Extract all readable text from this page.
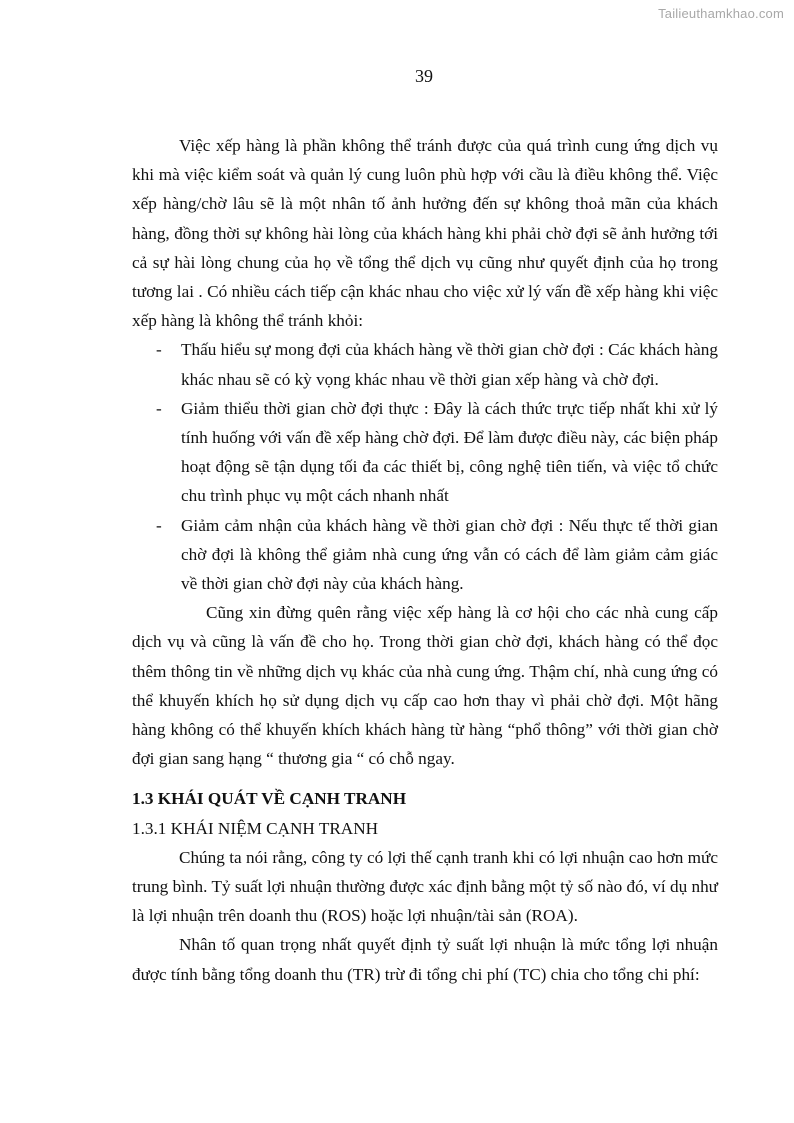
Tailieuthamkhao.com
39

Việc xếp hàng là phần không thể tránh được của quá trình cung ứng dịch vụ khi mà việc kiểm soát và quản lý cung luôn phù hợp với cầu là điều không thể. Việc xếp hàng/chờ lâu sẽ là một nhân tố ảnh hưởng đến sự không thoả mãn của khách hàng, đồng thời sự không hài lòng của khách hàng khi phải chờ đợi sẽ ảnh hưởng tới cả sự hài lòng chung của họ về tổng thể dịch vụ cũng như quyết định của họ trong tương lai . Có nhiều cách tiếp cận khác nhau cho việc xử lý vấn đề xếp hàng khi việc xếp hàng là không thể tránh khỏi:

- Thấu hiểu sự mong đợi của khách hàng về thời gian chờ đợi : Các khách hàng khác nhau sẽ có kỳ vọng khác nhau về thời gian xếp hàng và chờ đợi.

- Giảm thiểu thời gian chờ đợi thực : Đây là cách thức trực tiếp nhất khi xử lý tính huống với vấn đề xếp hàng chờ đợi. Để làm được điều này, các biện pháp hoạt động sẽ tận dụng tối đa các thiết bị, công nghệ tiên tiến, và việc tổ chức chu trình phục vụ một cách nhanh nhất

- Giảm cảm nhận của khách hàng về thời gian chờ đợi : Nếu thực tế thời gian chờ đợi là không thể giảm nhà cung ứng vẫn có cách để làm giảm cảm giác về thời gian chờ đợi này của khách hàng.

Cũng xin đừng quên rằng việc xếp hàng là cơ hội cho các nhà cung cấp dịch vụ và cũng là vấn đề cho họ. Trong thời gian chờ đợi, khách hàng có thể đọc thêm thông tin về những dịch vụ khác của nhà cung ứng. Thậm chí, nhà cung ứng có thể khuyến khích họ sử dụng dịch vụ cấp cao hơn thay vì phải chờ đợi. Một hãng hàng không có thể khuyến khích khách hàng từ hàng “phổ thông” với thời gian chờ đợi gian sang hạng “ thương gia “ có chỗ ngay.

1.3 KHÁI QUÁT VỀ CẠNH TRANH

1.3.1 KHÁI NIỆM CẠNH TRANH

Chúng ta nói rằng, công ty có lợi thế cạnh tranh khi có lợi nhuận cao hơn mức trung bình. Tỷ suất lợi nhuận thường được xác định bằng một tỷ số nào đó, ví dụ như là lợi nhuận trên doanh thu (ROS) hoặc lợi nhuận/tài sản (ROA).

Nhân tố quan trọng nhất quyết định tỷ suất lợi nhuận là mức tổng lợi nhuận được tính bằng tổng doanh thu (TR) trừ đi tổng chi phí (TC) chia cho tổng chi phí:
